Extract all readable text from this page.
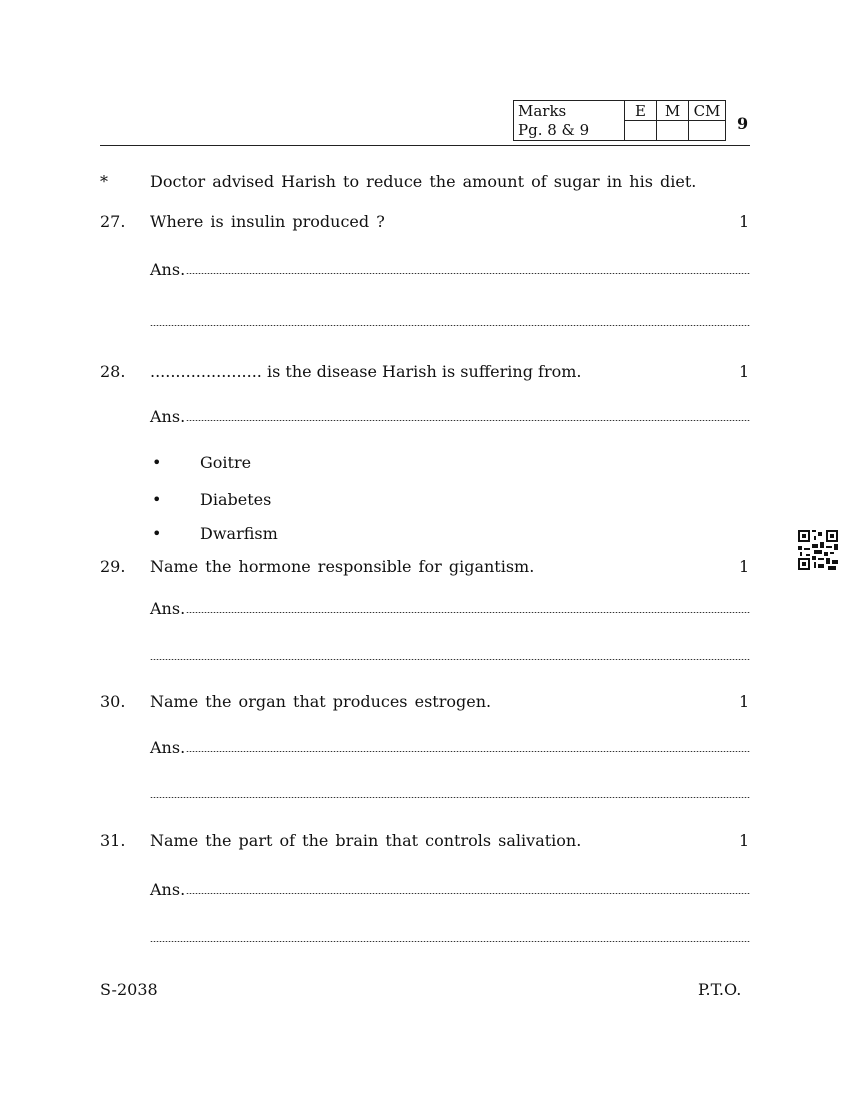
Marks	E	M	CM
Pg. 8 & 9				9
*	Doctor advised Harish to reduce the amount of sugar in his diet.
27. Where is insulin produced ?	1
Ans.
28. ...................... is the disease Harish is suffering from.	1
Ans.
• Goitre
• Diabetes
• Dwarfism
29. Name the hormone responsible for gigantism.	1
Ans.
30. Name the organ that produces estrogen.	1
Ans.
31. Name the part of the brain that controls salivation.	1
Ans.
S-2038	P.T.O.
